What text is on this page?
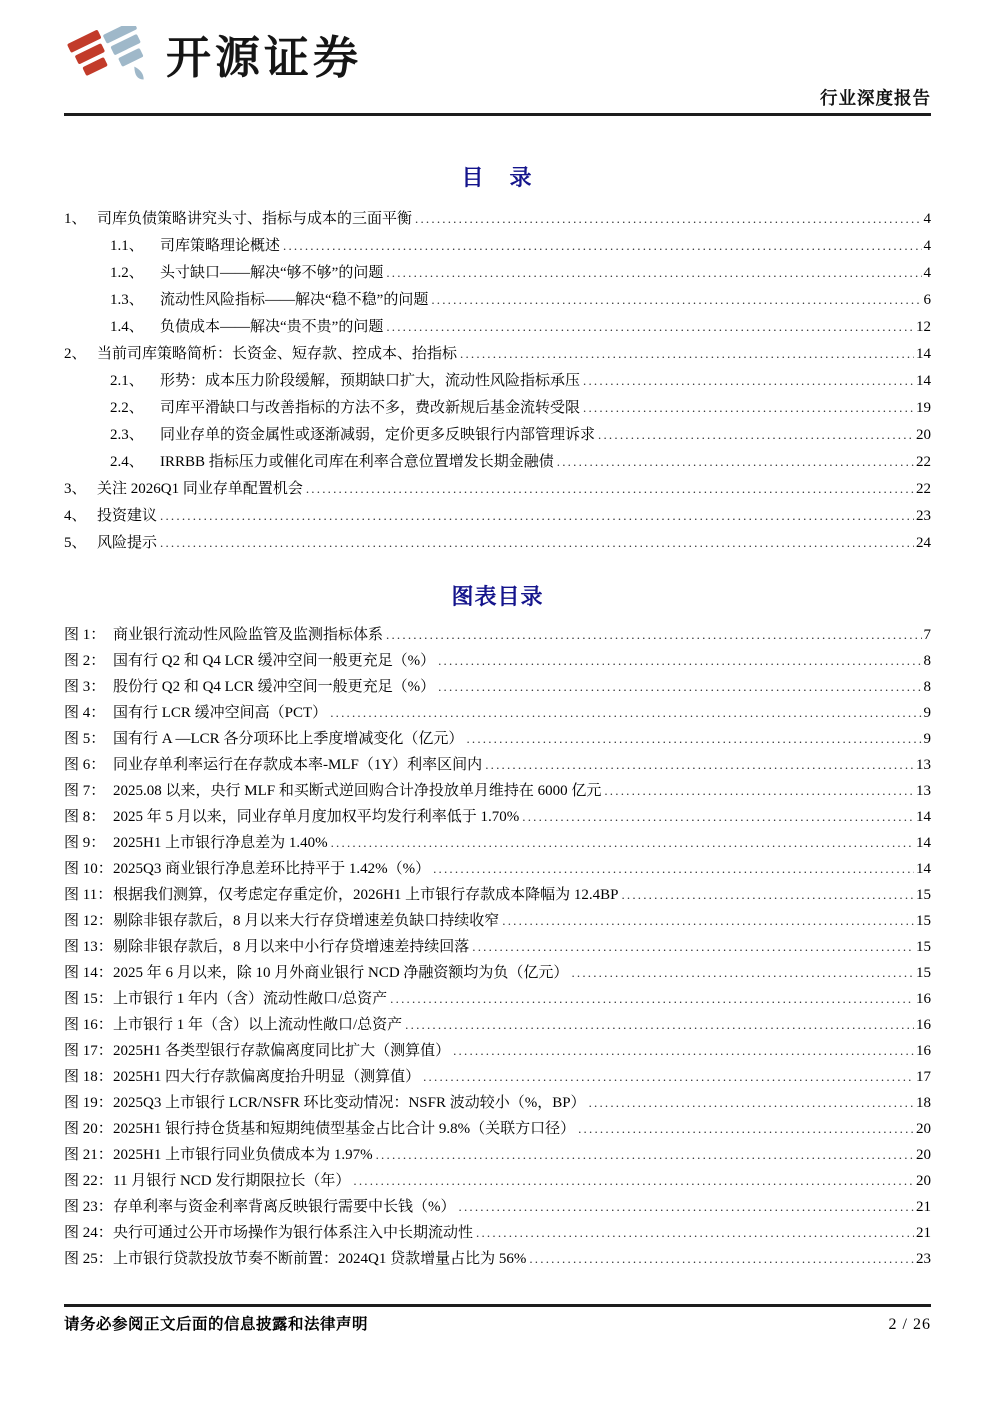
开源证券
行业深度报告
目　录
1、 司库负债策略讲究头寸、指标与成本的三面平衡 .....	4
1.1、	司库策略理论概述 .....	4
1.2、	头寸缺口——解决“够不够”的问题 .....	4
1.3、	流动性风险指标——解决“稳不稳”的问题 .....	6
1.4、	负债成本——解决“贵不贵”的问题 .....	12
2、 当前司库策略简析：长资金、短存款、控成本、抬指标 .....	14
2.1、	形势：成本压力阶段缓解，预期缺口扩大，流动性风险指标承压 .....	14
2.2、	司库平滑缺口与改善指标的方法不多，费改新规后基金流转受限 .....	19
2.3、	同业存单的资金属性或逐渐减弱，定价更多反映银行内部管理诉求 .....	20
2.4、	IRRBB 指标压力或催化司库在利率合意位置增发长期金融债 .....	22
3、 关注 2026Q1 同业存单配置机会 .....	22
4、 投资建议 .....	23
5、 风险提示 .....	24
图表目录
图 1： 商业银行流动性风险监管及监测指标体系 .....	7
图 2： 国有行 Q2 和 Q4 LCR 缓冲空间一般更充足（%） .....	8
图 3： 股份行 Q2 和 Q4 LCR 缓冲空间一般更充足（%） .....	8
图 4： 国有行 LCR 缓冲空间高（PCT） .....	9
图 5： 国有行 A —LCR 各分项环比上季度增减变化（亿元） .....	9
图 6： 同业存单利率运行在存款成本率-MLF（1Y）利率区间内 .....	13
图 7： 2025.08 以来，央行 MLF 和买断式逆回购合计净投放单月维持在 6000 亿元 .....	13
图 8： 2025 年 5 月以来，同业存单月度加权平均发行利率低于 1.70% .....	14
图 9： 2025H1 上市银行净息差为 1.40% .....	14
图 10： 2025Q3 商业银行净息差环比持平于 1.42%（%） .....	14
图 11： 根据我们测算，仅考虑定存重定价，2026H1 上市银行存款成本降幅为 12.4BP .....	15
图 12： 剔除非银存款后，8 月以来大行存贷增速差负缺口持续收窄 .....	15
图 13： 剔除非银存款后，8 月以来中小行存贷增速差持续回落 .....	15
图 14： 2025 年 6 月以来，除 10 月外商业银行 NCD 净融资额均为负（亿元） .....	15
图 15： 上市银行 1 年内（含）流动性敞口/总资产 .....	16
图 16： 上市银行 1 年（含）以上流动性敞口/总资产 .....	16
图 17： 2025H1 各类型银行存款偏离度同比扩大（测算值） .....	16
图 18： 2025H1 四大行存款偏离度抬升明显（测算值） .....	17
图 19： 2025Q3 上市银行 LCR/NSFR 环比变动情况：NSFR 波动较小（%，BP） .....	18
图 20： 2025H1 银行持仓货基和短期纯债型基金占比合计 9.8%（关联方口径） .....	20
图 21： 2025H1 上市银行同业负债成本为 1.97% .....	20
图 22： 11 月银行 NCD 发行期限拉长（年） .....	20
图 23： 存单利率与资金利率背离反映银行需要中长钱（%） .....	21
图 24： 央行可通过公开市场操作为银行体系注入中长期流动性 .....	21
图 25： 上市银行贷款投放节奏不断前置：2024Q1 贷款增量占比为 56% .....	23
请务必参阅正文后面的信息披露和法律声明	2 / 26
